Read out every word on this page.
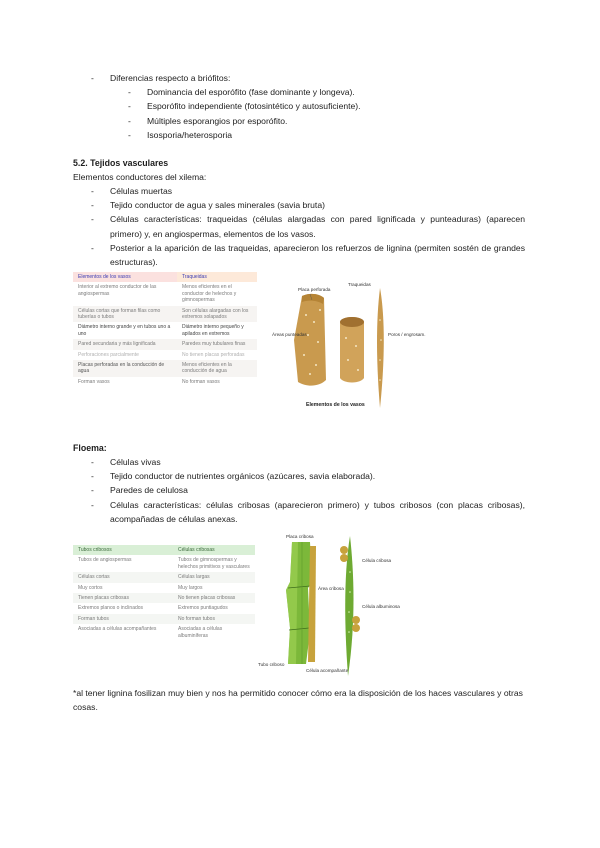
- Diferencias respecto a briófitos:
- Dominancia del esporófito (fase dominante y longeva).
- Esporófito independiente (fotosintético y autosuficiente).
- Múltiples esporangios por esporófito.
- Isosporia/heterosporia
5.2. Tejidos vasculares
Elementos conductores del xilema:
- Células muertas
- Tejido conductor de agua y sales minerales (savia bruta)
- Células características: traqueidas (células alargadas con pared lignificada y punteaduras) (aparecen primero) y, en angiospermas, elementos de los vasos.
- Posterior a la aparición de las traqueidas, aparecieron los refuerzos de lignina (permiten sostén de grandes estructuras).
Elementos de los vasos	Traqueidas
Interior al extremo conductor de las angiospermas	Menos eficientes en el conductor de helechos y gimnospermas
Células cortas que forman filas como tuberías o tubos	Son células alargadas con los extremos solapados
Diámetro interno grande y en tubos uno a uno	Diámetro interno pequeño y apilados en extremos
Pared secundaria y más lignificada	Paredes muy tubulares finas
Perforaciones parcialmente	No tienen placas perforadas
Placas perforadas en la conducción de agua	Menos eficientes en la conducción de agua
Forman vasos	No forman vasos
Placa perforada
Traqueidas
Áreas punteadas	Poros / engrosam.
Elementos de los vasos
Floema:
- Células vivas
- Tejido conductor de nutrientes orgánicos (azúcares, savia elaborada).
- Paredes de celulosa
- Células características: células cribosas (aparecieron primero) y tubos cribosos (con placas cribosas), acompañadas de células anexas.
Tubos cribosos	Células cribosas
Tubos de angiospermas	Tubos de gimnospermas y helechos primitivos y vasculares
Células cortas	Células largas
Muy cortos	Muy largos
Tienen placas cribosas	No tienen placas cribosas
Extremos planos o inclinados	Extremos puntiagudos
Forman tubos	No forman tubos
Asociadas a células acompañantes	Asociadas a células albuminíferas
Placa cribosa
Célula cribosa
Área cribosa
Célula albuminosa
Tubo criboso
Célula acompañante
*al tener lignina fosilizan muy bien y nos ha permitido conocer cómo era la disposición de los haces vasculares y otras cosas.
